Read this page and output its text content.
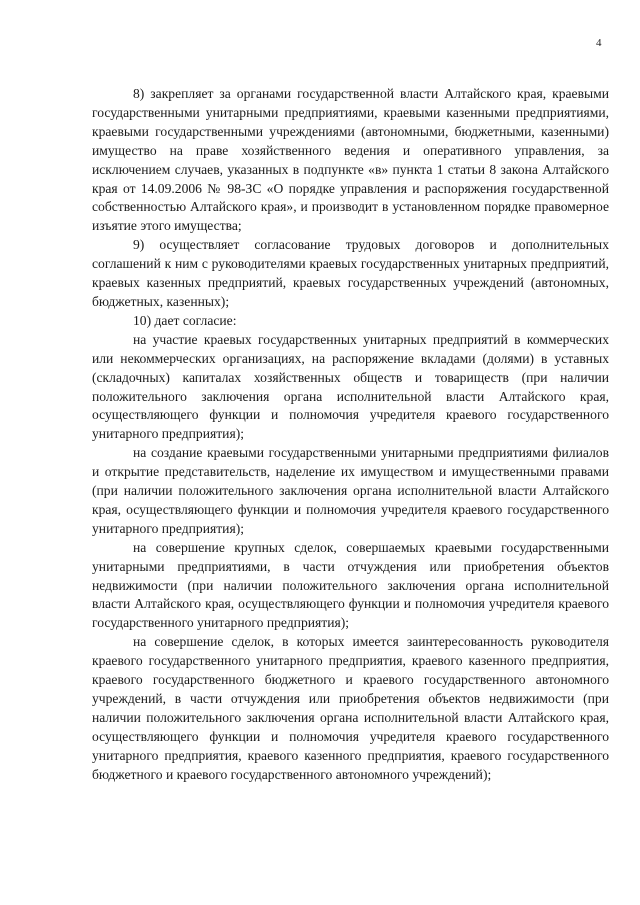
4

8) закрепляет за органами государственной власти Алтайского края, краевыми государственными унитарными предприятиями, краевыми казенными предприятиями, краевыми государственными учреждениями (автономными, бюджетными, казенными) имущество на праве хозяйственного ведения и оперативного управления, за исключением случаев, указанных в подпункте «в» пункта 1 статьи 8 закона Алтайского края от 14.09.2006 № 98-ЗС «О порядке управления и распоряжения государственной собственностью Алтайского края», и производит в установленном порядке правомерное изъятие этого имущества;

9) осуществляет согласование трудовых договоров и дополнительных соглашений к ним с руководителями краевых государственных унитарных предприятий, краевых казенных предприятий, краевых государственных учреждений (автономных, бюджетных, казенных);

10) дает согласие:

на участие краевых государственных унитарных предприятий в коммерческих или некоммерческих организациях, на распоряжение вкладами (долями) в уставных (складочных) капиталах хозяйственных обществ и товариществ (при наличии положительного заключения органа исполнительной власти Алтайского края, осуществляющего функции и полномочия учредителя краевого государственного унитарного предприятия);

на создание краевыми государственными унитарными предприятиями филиалов и открытие представительств, наделение их имуществом и имущественными правами (при наличии положительного заключения органа исполнительной власти Алтайского края, осуществляющего функции и полномочия учредителя краевого государственного унитарного предприятия);

на совершение крупных сделок, совершаемых краевыми государственными унитарными предприятиями, в части отчуждения или приобретения объектов недвижимости (при наличии положительного заключения органа исполнительной власти Алтайского края, осуществляющего функции и полномочия учредителя краевого государственного унитарного предприятия);

на совершение сделок, в которых имеется заинтересованность руководителя краевого государственного унитарного предприятия, краевого казенного предприятия, краевого государственного бюджетного и краевого государственного автономного учреждений, в части отчуждения или приобретения объектов недвижимости (при наличии положительного заключения органа исполнительной власти Алтайского края, осуществляющего функции и полномочия учредителя краевого государственного унитарного предприятия, краевого казенного предприятия, краевого государственного бюджетного и краевого государственного автономного учреждений);
